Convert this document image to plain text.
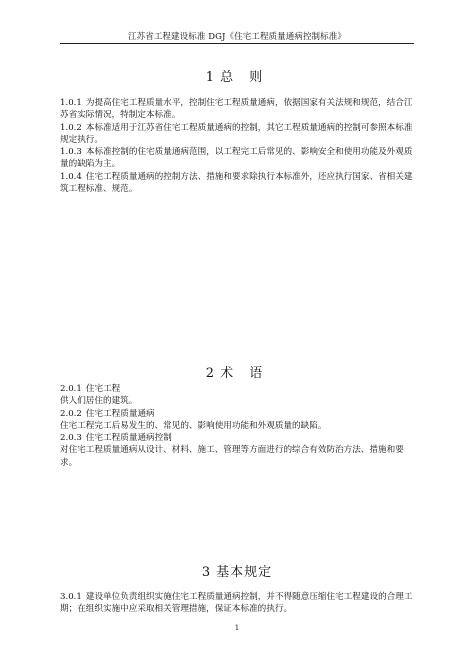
江苏省工程建设标准 DGJ《住宅工程质量通病控制标准》
1 总 则

1.0.1 为提高住宅工程质量水平，控制住宅工程质量通病，依据国家有关法规和规范，结合江苏省实际情况，特制定本标准。

1.0.2 本标准适用于江苏省住宅工程质量通病的控制，其它工程质量通病的控制可参照本标准规定执行。

1.0.3 本标准控制的住宅质量通病范围，以工程完工后常见的、影响安全和使用功能及外观质量的缺陷为主。

1.0.4 住宅工程质量通病的控制方法、措施和要求除执行本标准外，还应执行国家、省相关建筑工程标准、规范。

2 术 语

2.0.1 住宅工程

供人们居住的建筑。

2.0.2 住宅工程质量通病

住宅工程完工后易发生的、常见的、影响使用功能和外观质量的缺陷。

2.0.3 住宅工程质量通病控制

对住宅工程质量通病从设计、材料、施工、管理等方面进行的综合有效防治方法、措施和要求。

3 基本规定

3.0.1 建设单位负责组织实施住宅工程质量通病控制，并不得随意压缩住宅工程建设的合理工期；在组织实施中应采取相关管理措施，保证本标准的执行。

1
